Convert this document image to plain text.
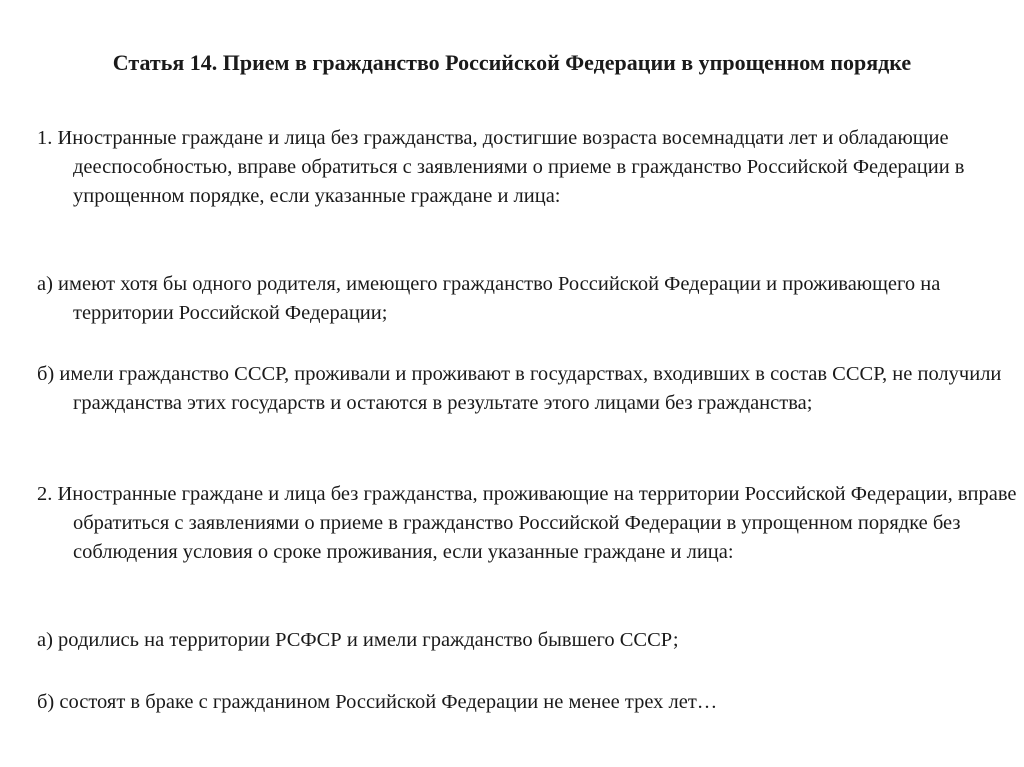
Статья 14. Прием в гражданство Российской Федерации в упрощенном порядке

1. Иностранные граждане и лица без гражданства, достигшие возраста восемнадцати лет и обладающие дееспособностью, вправе обратиться с заявлениями о приеме в гражданство Российской Федерации в упрощенном порядке, если указанные граждане и лица:

а) имеют хотя бы одного родителя, имеющего гражданство Российской Федерации и проживающего на территории Российской Федерации;

б) имели гражданство СССР, проживали и проживают в государствах, входивших в состав СССР, не получили гражданства этих государств и остаются в результате этого лицами без гражданства;

2. Иностранные граждане и лица без гражданства, проживающие на территории Российской Федерации, вправе обратиться с заявлениями о приеме в гражданство Российской Федерации в упрощенном порядке без соблюдения условия о сроке проживания, если указанные граждане и лица:

а) родились на территории РСФСР и имели гражданство бывшего СССР;

б) состоят в браке с гражданином Российской Федерации не менее трех лет…
